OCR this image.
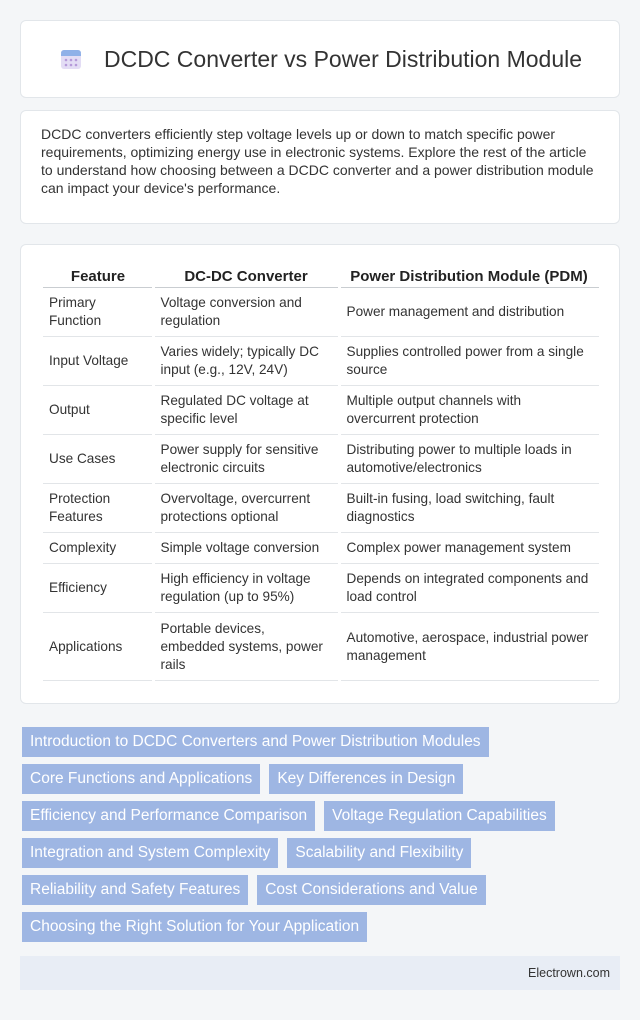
DCDC Converter vs Power Distribution Module

DCDC converters efficiently step voltage levels up or down to match specific power requirements, optimizing energy use in electronic systems. Explore the rest of the article to understand how choosing between a DCDC converter and a power distribution module can impact your device's performance.

Feature	DC-DC Converter	Power Distribution Module (PDM)
Primary Function	Voltage conversion and regulation	Power management and distribution
Input Voltage	Varies widely; typically DC input (e.g., 12V, 24V)	Supplies controlled power from a single source
Output	Regulated DC voltage at specific level	Multiple output channels with overcurrent protection
Use Cases	Power supply for sensitive electronic circuits	Distributing power to multiple loads in automotive/electronics
Protection Features	Overvoltage, overcurrent protections optional	Built-in fusing, load switching, fault diagnostics
Complexity	Simple voltage conversion	Complex power management system
Efficiency	High efficiency in voltage regulation (up to 95%)	Depends on integrated components and load control
Applications	Portable devices, embedded systems, power rails	Automotive, aerospace, industrial power management
Introduction to DCDC Converters and Power Distribution Modules
Core Functions and Applications	Key Differences in Design
Efficiency and Performance Comparison	Voltage Regulation Capabilities
Integration and System Complexity	Scalability and Flexibility
Reliability and Safety Features	Cost Considerations and Value
Choosing the Right Solution for Your Application
Electrown.com
